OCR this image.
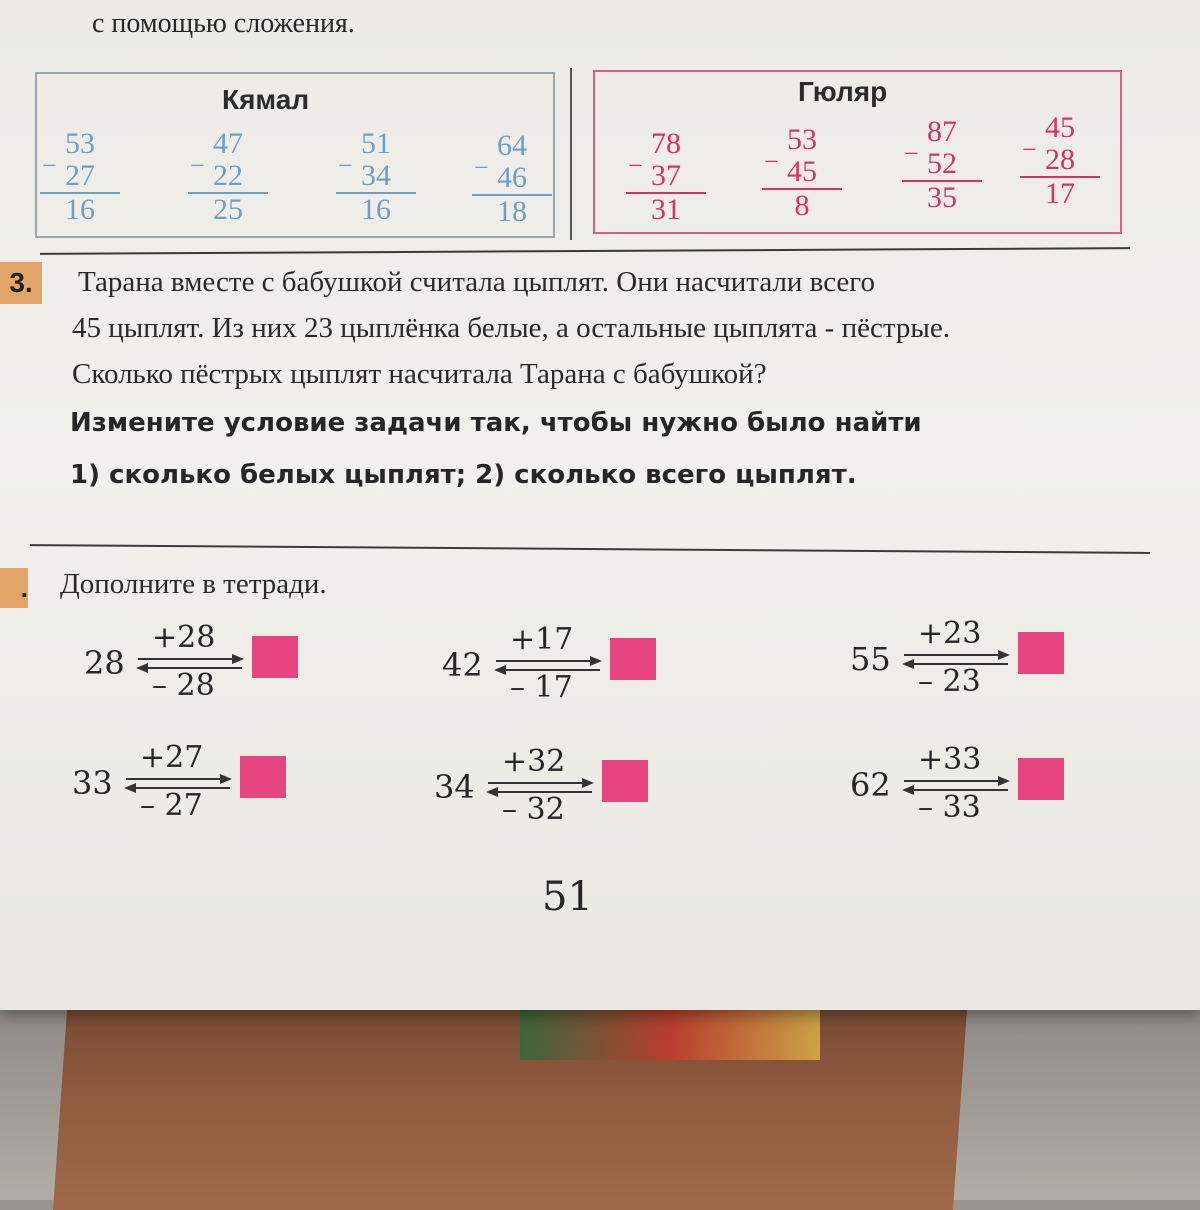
с помощью сложения.
Кямал
−
53
27
16
−
47
22
25
−
51
34
16
−
64
46
18
Гюляр
−
78
37
31
−
53
45
8
−
87
52
35
−
45
28
17
3.	Тарана вместе с бабушкой считала цыплят. Они насчитали всего
45 цыплят. Из них 23 цыплёнка белые, а остальные цыплята - пёстрые.
Сколько пёстрых цыплят насчитала Тарана с бабушкой?
Измените условие задачи так, чтобы нужно было найти
1) сколько белых цыплят; 2) сколько всего цыплят.
. Дополните в тетради.
28
+28
– 28
42
+17
– 17
55
+23
– 23
33
+27
– 27	34
+32
– 32
62
+33
– 33
51
